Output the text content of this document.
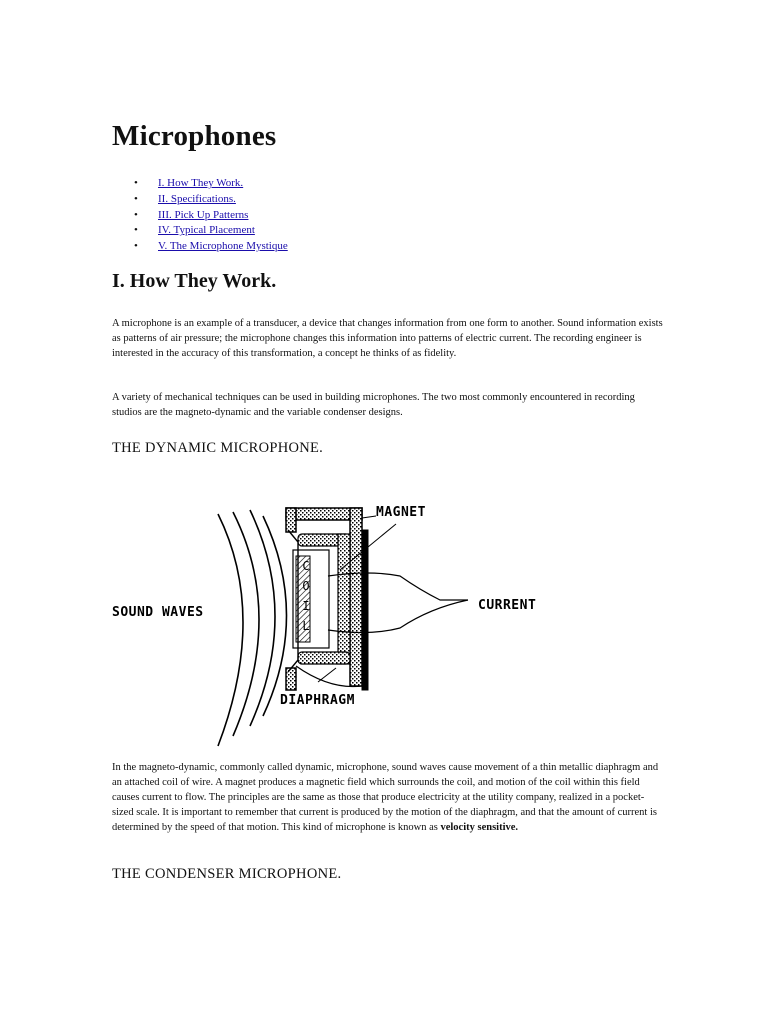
Microphones
• I. How They Work.
• II. Specifications.
• III. Pick Up Patterns
• IV. Typical Placement
• V. The Microphone Mystique
I. How They Work.

A microphone is an example of a transducer, a device that changes information from one form to another. Sound information exists as patterns of air pressure; the microphone changes this information into patterns of electric current. The recording engineer is interested in the accuracy of this transformation, a concept he thinks of as fidelity.

A variety of mechanical techniques can be used in building microphones. The two most commonly encountered in recording studios are the magneto-dynamic and the variable condenser designs.

THE DYNAMIC MICROPHONE.
C
O
I
L
MAGNET
CURRENT
SOUND WAVES
DIAPHRAGM

In the magneto-dynamic, commonly called dynamic, microphone, sound waves cause movement of a thin metallic diaphragm and an attached coil of wire. A magnet produces a magnetic field which surrounds the coil, and motion of the coil within this field causes current to flow. The principles are the same as those that produce electricity at the utility company, realized in a pocket-sized scale. It is important to remember that current is produced by the motion of the diaphragm, and that the amount of current is determined by the speed of that motion. This kind of microphone is known as velocity sensitive.

THE CONDENSER MICROPHONE.
